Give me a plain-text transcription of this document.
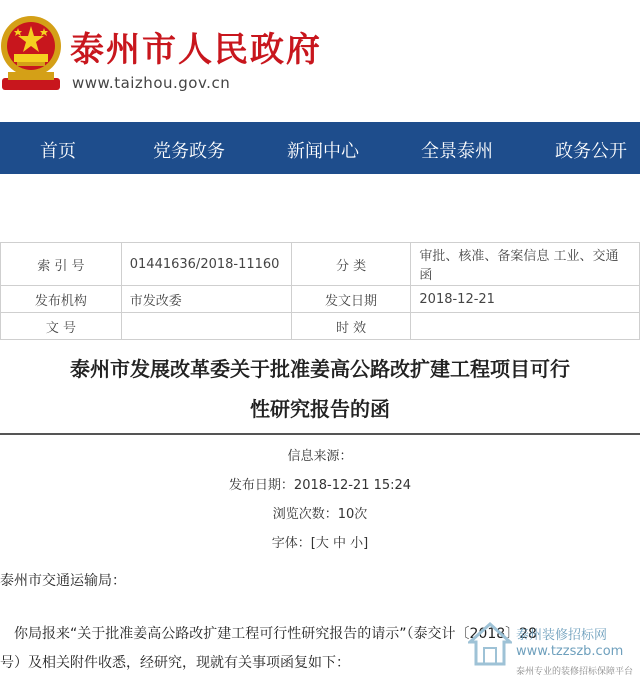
泰州市人民政府
www.taizhou.gov.cn
首页	党务政务	新闻中心	全景泰州	政务公开
索 引 号	01441636/2018-11160	分 类	审批、核准、备案信息 工业、交通 函
发布机构	市发改委	发文日期	2018-12-21
文 号		时 效	
泰州市发展改革委关于批准姜高公路改扩建工程项目可行
性研究报告的函
信息来源：
发布日期：2018-12-21 15:24
浏览次数：10次
字体：[大 中 小]
泰州市交通运输局：
你局报来“关于批准姜高公路改扩建工程可行性研究报告的请示”（泰交计〔2018〕28
号）及相关附件收悉，经研究，现就有关事项函复如下：
泰州装修招标网
www.tzzszb.com
泰州专业的装修招标保障平台
